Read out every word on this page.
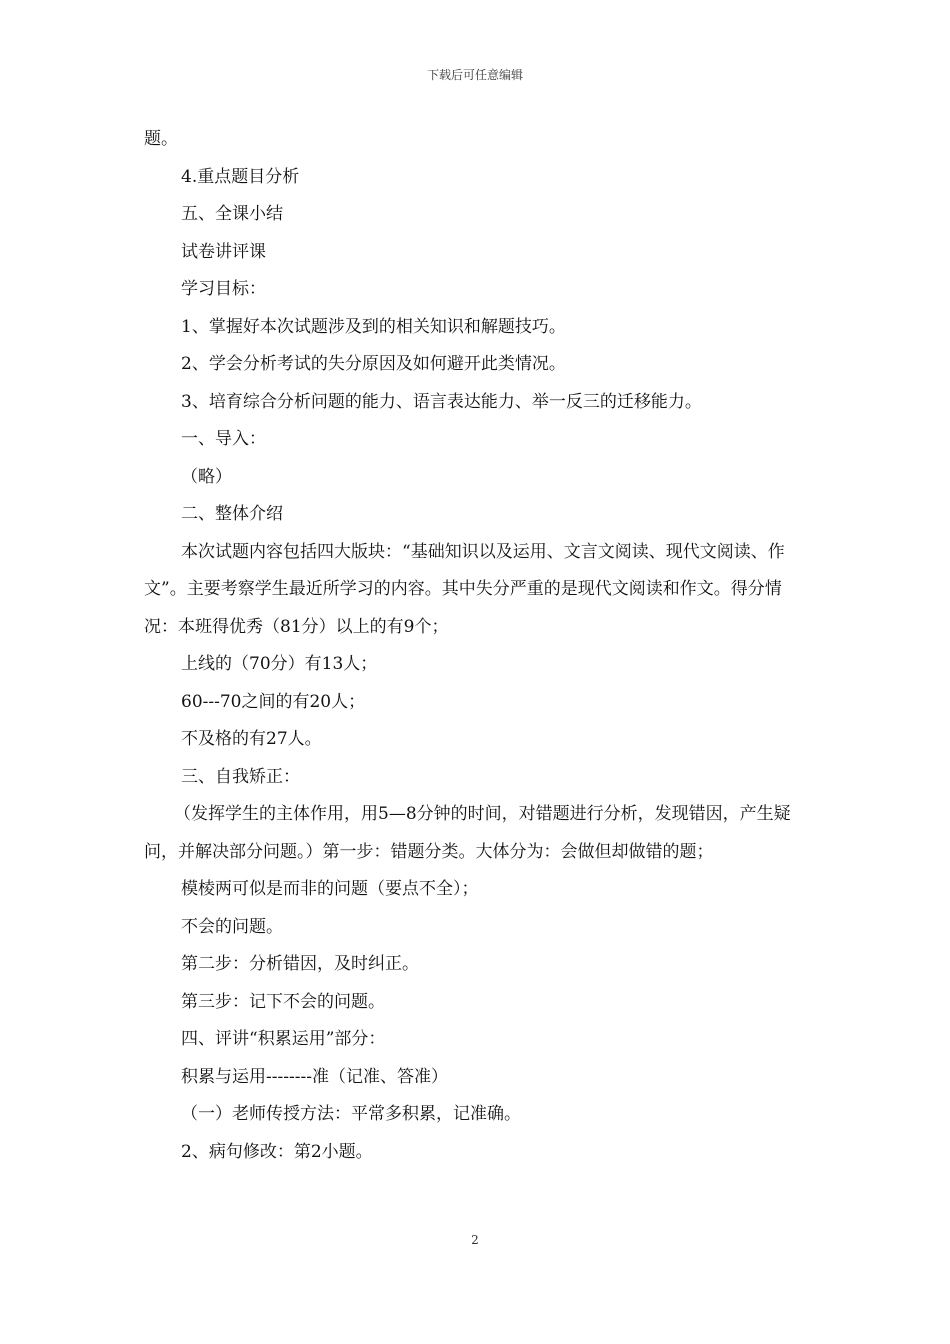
下载后可任意编辑

题。

4.重点题目分析

五、全课小结

试卷讲评课

学习目标：

1、掌握好本次试题涉及到的相关知识和解题技巧。

2、学会分析考试的失分原因及如何避开此类情况。

3、培育综合分析问题的能力、语言表达能力、举一反三的迁移能力。

一、导入：

（略）

二、整体介绍

本次试题内容包括四大版块：“基础知识以及运用、文言文阅读、现代文阅读、作文”。主要考察学生最近所学习的内容。其中失分严重的是现代文阅读和作文。得分情况：本班得优秀（81分）以上的有9个；

上线的（70分）有13人；

60---70之间的有20人；

不及格的有27人。

三、自我矫正：

（发挥学生的主体作用，用5—8分钟的时间，对错题进行分析，发现错因，产生疑问，并解决部分问题。）第一步：错题分类。大体分为：会做但却做错的题；

模棱两可似是而非的问题（要点不全）；

不会的问题。

第二步：分析错因，及时纠正。

第三步：记下不会的问题。

四、评讲“积累运用”部分：

积累与运用--------准（记准、答准）

（一）老师传授方法：平常多积累，记准确。

2、病句修改：第2小题。

2
